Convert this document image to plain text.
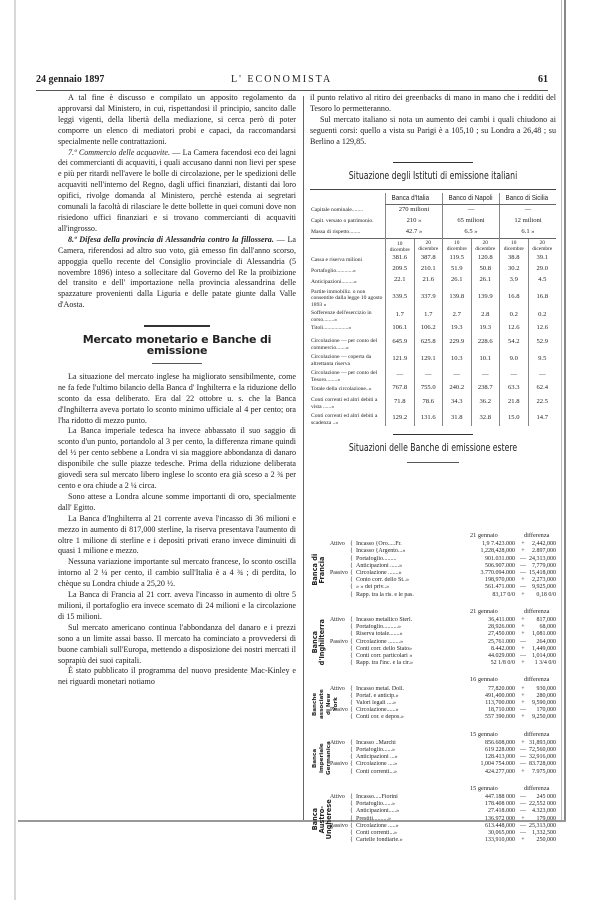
24 gennaio 1897	L' ECONOMISTA	61

A tal fine è discusso e compilato un apposito regolamento da approvarsi dal Ministero, in cui, rispettandosi il principio, sancito dalle leggi vigenti, della libertà della mediazione, si cerca però di poter comporre un elenco di mediatori probi e capaci, da raccomandarsi specialmente nelle contrattazioni.

7.º Commercio delle acquavite. — La Camera facendosi eco dei lagni dei commercianti di acquaviti, i quali accusano danni non lievi per spese e più per ritardi nell'avere le bolle di circolazione, per le spedizioni delle acquaviti nell'interno del Regno, dagli uffici finanziari, distanti dai loro opifici, rivolge domanda al Ministero, perchè estenda ai segretari comunali la facoltà di rilasciare le dette bollette in quei comuni dove non risiedono uffici finanziari e si trovano commercianti di acquaviti all'ingrosso.

8.º Difesa della provincia di Alessandria contro la fillossera. — La Camera, riferendosi ad altro suo voto, già emesso fin dall'anno scorso, appoggia quello recente del Consiglio provinciale di Alessandria (5 novembre 1896) inteso a sollecitare dal Governo del Re la proibizione del transito e dell' importazione nella provincia alessandrina delle spazzature provenienti dalla Liguria e delle patate giunte dalla Valle d'Aosta.

Mercato monetario e Banche di emissione

La situazione del mercato inglese ha migliorato sensibilmente, come ne fa fede l'ultimo bilancio della Banca d' Inghilterra e la riduzione dello sconto da essa deliberato. Era dal 22 ottobre u. s. che la Banca d'Inghilterra aveva portato lo sconto minimo ufficiale al 4 per cento; ora l'ha ridotto di mezzo punto.

La Banca imperiale tedesca ha invece abbassato il suo saggio di sconto d'un punto, portandolo al 3 per cento, la differenza rimane quindi del ½ per cento sebbene a Londra vi sia maggiore abbondanza di danaro disponibile che sulle piazze tedesche. Prima della riduzione deliberata giovedì sera sul mercato libero inglese lo sconto era già sceso a 2 ¾ per cento e ora chiude a 2 ¼ circa.

Sono attese a Londra alcune somme importanti di oro, specialmente dall' Egitto.

La Banca d'Inghilterra al 21 corrente aveva l'incasso di 36 milioni e mezzo in aumento di 817,000 sterline, la riserva presentava l'aumento di oltre 1 milione di sterline e i depositi privati erano invece diminuiti di quasi 1 milione e mezzo.

Nessuna variazione importante sul mercato francese, lo sconto oscilla intorno al 2 ¼ per cento, il cambio sull'Italia è a 4 ¾ ; di perdita, lo chèque su Londra chiude a 25,20 ½.

La Banca di Francia al 21 corr. aveva l'incasso in aumento di oltre 5 milioni, il portafoglio era invece scemato di 24 milioni e la circolazione di 15 milioni.

Sul mercato americano continua l'abbondanza del danaro e i prezzi sono a un limite assai basso. Il mercato ha cominciato a provvedersi di buone cambiali sull'Europa, mettendo a disposizione dei nostri mercati il soprapiù dei suoi capitali.

È stato pubblicato il programma del nuovo presidente Mac-Kinley e nei riguardi monetari notiamo

il punto relativo al ritiro dei greenbacks di mano in mano che i redditi del Tesoro lo permetteranno.

Sul mercato italiano si nota un aumento dei cambi i quali chiudono ai seguenti corsi: quello a vista su Parigi è a 105,10 ; su Londra a 26,48 ; su Berlino a 129,85.

Situazione degli Istituti di emissione italiani
	Banca d'Italia		Banco di Napoli		Banco di Sicilia	
Capitale nominale........	270 milioni		—		—	
Capit. versato o patrimonio.	210 »		65 milioni		12 milioni	
Massa di rispetto........	42.7 »		6.5 »		6.1 »	
	10 dicembre	20 dicembre	10 dicembre	20 dicembre	10 dicembre	20 dicembre
Cassa e riserva milioni	381.6	387.8	119.5	120.8	38.8	39.1
Portafoglio............»	209.5	210.1	51.9	50.8	30.2	29.0
Anticipazioni.........»	22.1	21.6	26.1	26.1	3.9	4.5
Partite immobiliz. o non consentite dalla legge 10 agosto 1893 »	339.5	337.9	139.8	139.9	16.8	16.8
Sofferenze dell'esercizio in corso........»	1.7	1.7	2.7	2.8	0.2	0.2
Titoli..................»	106.1	106.2	19.3	19.3	12.6	12.6
Circolazione — per conto del commercio.......»	645.9	625.8	229.9	228.6	54.2	52.9
Circolazione — coperta da altrettanta riserva	121.9	129.1	10.3	10.1	9.0	9.5
Circolazione — per conto del Tesoro........»	—	—	—	—	—	—
Totale della circolazione..»	767.8	755.0	240.2	238.7	63.3	62.4
Conti correnti ed altri debiti a vista ......»	71.8	78.6	34.3	36.2	21.8	22.5
Conti correnti ed altri debiti a scadenza ..»	129.2	131.6	31.8	32.8	15.0	14.7
Situazioni delle Banche di emissione estere
21 gennaio	differenza
Banca di Francia
Attivo { Incasso {Oro.....Fr.	1,9 7.423.000	+	2,442,000
{ Incasso {Argento...»	1,228,428,000	+	2.897,000
{ Portafoglio.........	901.031.000 — 24,313,000
{ Anticipazioni ......»	506.907.000 —	7,779,000
Passivo { Circolazione .......»	3.770.094.000 — 15,418,000
{ Conto corr. dello St..»	198,970,000	+	2,273,000
{ » » dei priv..»	561.471.000 —	9,925,000
{ Rapp. tra la ris. e le pas.	83,17 0/0	+	0,18 0/0
21 gennaio	differenza
Banca d'Inghilterra Attivo { Incasso metallico Sterl.	36,411.000	+	817,000
{ Portafoglio..........»	28,926.000	+	68,000
{ Riserva totale.......»	27,450.000	+	1,081.000
Passivo { Circolazione ........»	25,761.000 —	264,000
{ Conti corr. dello Stato»	8.442.000	+	1,449,000
{ Conti corr. particolari »	44.029.000 —	1,014,000
{ Rapp. tra l'inc. e la cir.»	52 1/8 0/0	+	1 3/4 0/0
16 gennaio	differenza
Banche associate di New York
Attivo { Incasso metal. Doll.	77,820.000	+	930,000
{ Portaf. e anticip.»	491,400.000	+	280,000
{ Valori legali ....»	113,700.000	+	9,590,000
Passivo { Circolazione......»	18,710.000 —	170,000
{ Conti cor. e depos.»	557 390.000	+	9,250,000
15 gennaio	differenza
Banca imperiale Germanica
Attivo { Incasso ..Marchi	856.608,000	+ 31,893,000
{ Portafoglio......»	619 228.000 — 72,560,000
{ Anticipazioni ...»	128.413,000 — 32,916,000
Passivo { Circolazione ....»	1,004 754.000 — 83.728,000
{ Conti correnti...»	424.277,000	+	7.975,000
15 gennaio	differenza
Banca Austro-Ungherese
Attivo { Incasso.....Fiorini	447.188 000 —	245 000
{ Portafoglio......»	178.408 000 — 22,552 000
{ Anticipazioni.....»	27.418.000 —	4.323,000
{ Prestiti..........»	136.972 000	+	179,000
Passivo { Circolazione .....»	613.448,000 — 25,313,000
{ Conti correnti...»	30,065,000 —	1,332,500
{ Cartelle fondiarie.»	133,910,000	+	250,000
